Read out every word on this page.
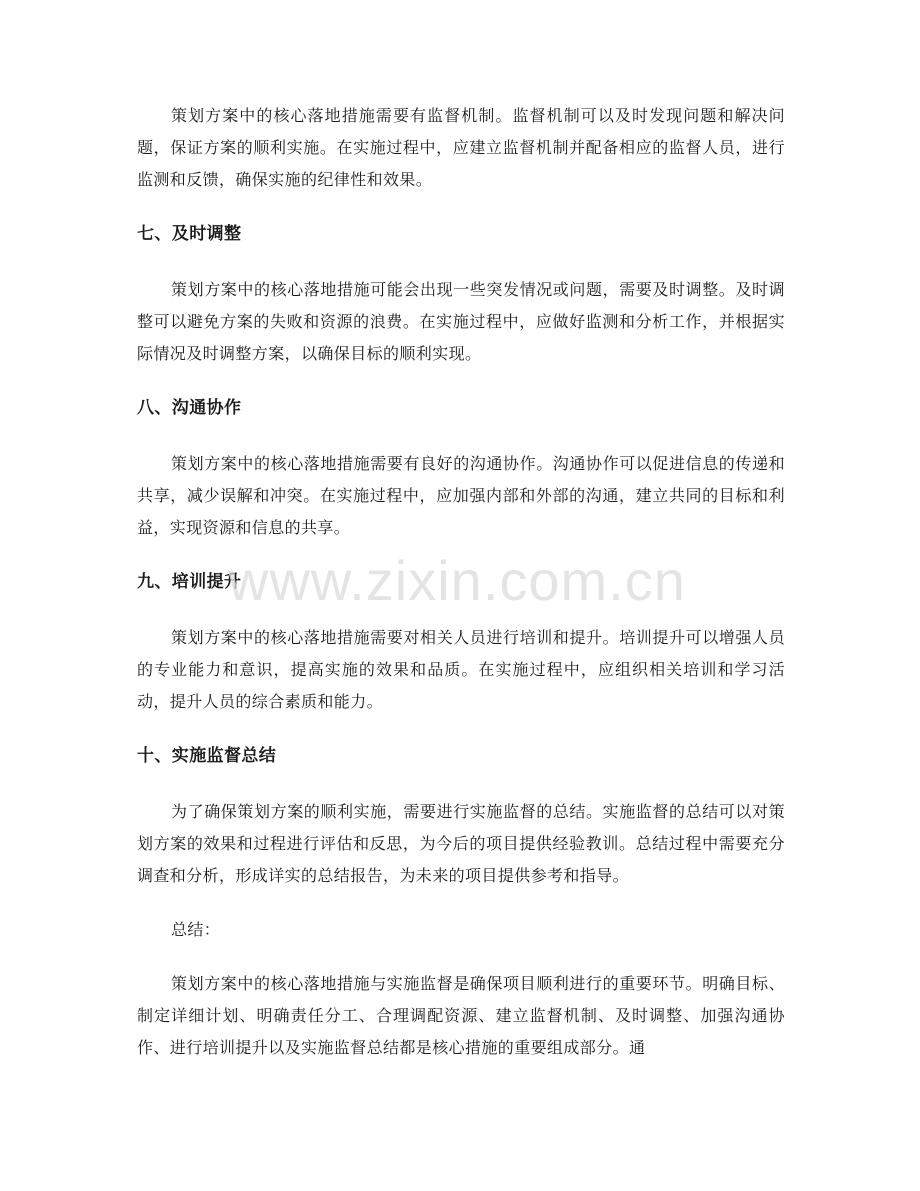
策划方案中的核心落地措施需要有监督机制。监督机制可以及时发现问题和解决问题，保证方案的顺利实施。在实施过程中，应建立监督机制并配备相应的监督人员，进行监测和反馈，确保实施的纪律性和效果。

七、及时调整

策划方案中的核心落地措施可能会出现一些突发情况或问题，需要及时调整。及时调整可以避免方案的失败和资源的浪费。在实施过程中，应做好监测和分析工作，并根据实际情况及时调整方案，以确保目标的顺利实现。

八、沟通协作

策划方案中的核心落地措施需要有良好的沟通协作。沟通协作可以促进信息的传递和共享，减少误解和冲突。在实施过程中，应加强内部和外部的沟通，建立共同的目标和利益，实现资源和信息的共享。

九、培训提升

策划方案中的核心落地措施需要对相关人员进行培训和提升。培训提升可以增强人员的专业能力和意识，提高实施的效果和品质。在实施过程中，应组织相关培训和学习活动，提升人员的综合素质和能力。

十、实施监督总结

为了确保策划方案的顺利实施，需要进行实施监督的总结。实施监督的总结可以对策划方案的效果和过程进行评估和反思，为今后的项目提供经验教训。总结过程中需要充分调查和分析，形成详实的总结报告，为未来的项目提供参考和指导。

总结：

策划方案中的核心落地措施与实施监督是确保项目顺利进行的重要环节。明确目标、制定详细计划、明确责任分工、合理调配资源、建立监督机制、及时调整、加强沟通协作、进行培训提升以及实施监督总结都是核心措施的重要组成部分。通

www.zixin.com.cn
